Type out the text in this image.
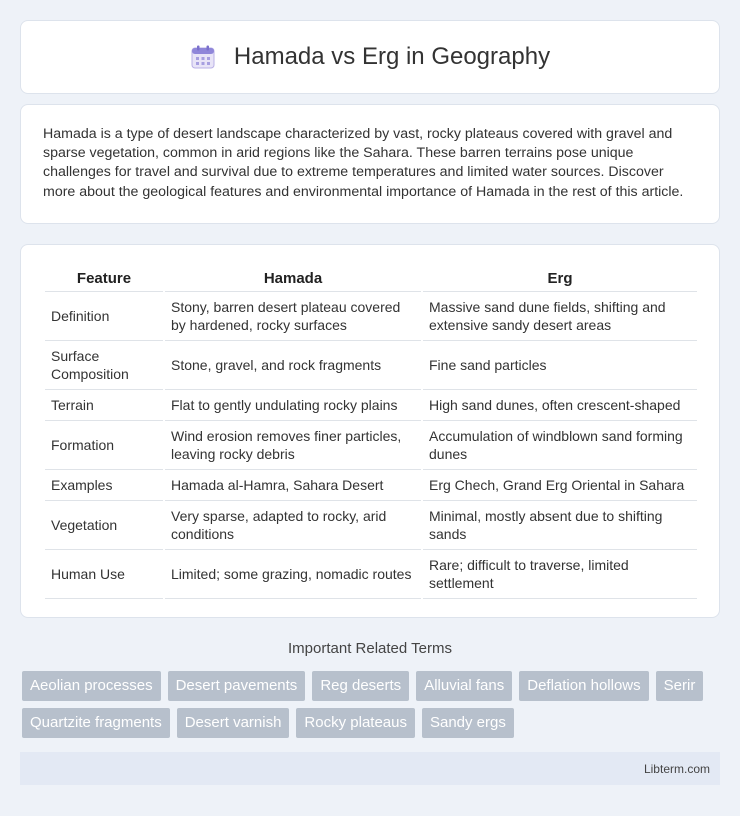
Hamada vs Erg in Geography

Hamada is a type of desert landscape characterized by vast, rocky plateaus covered with gravel and sparse vegetation, common in arid regions like the Sahara. These barren terrains pose unique challenges for travel and survival due to extreme temperatures and limited water sources. Discover more about the geological features and environmental importance of Hamada in the rest of this article.

Feature	Hamada	Erg
Definition	Stony, barren desert plateau covered by hardened, rocky surfaces	Massive sand dune fields, shifting and extensive sandy desert areas
Surface Composition	Stone, gravel, and rock fragments	Fine sand particles
Terrain	Flat to gently undulating rocky plains	High sand dunes, often crescent-shaped
Formation	Wind erosion removes finer particles, leaving rocky debris	Accumulation of windblown sand forming dunes
Examples	Hamada al-Hamra, Sahara Desert	Erg Chech, Grand Erg Oriental in Sahara
Vegetation	Very sparse, adapted to rocky, arid conditions	Minimal, mostly absent due to shifting sands
Human Use	Limited; some grazing, nomadic routes	Rare; difficult to traverse, limited settlement
Important Related Terms
Aeolian processes	Desert pavements	Reg deserts	Alluvial fans	Deflation hollows	Serir
Quartzite fragments	Desert varnish	Rocky plateaus	Sandy ergs
Libterm.com
